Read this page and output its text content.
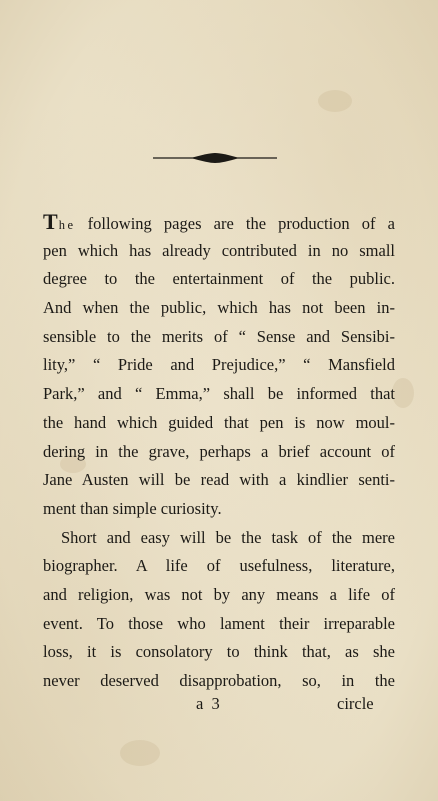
The following pages are the production of a
pen which has already contributed in no small
degree to the entertainment of the public.
And when the public, which has not been in-
sensible to the merits of “ Sense and Sensibi-
lity,” “ Pride and Prejudice,” “ Mansfield
Park,” and “ Emma,” shall be informed that
the hand which guided that pen is now moul-
dering in the grave, perhaps a brief account of
Jane Austen will be read with a kindlier senti-
ment than simple curiosity.
Short and easy will be the task of the mere
biographer. A life of usefulness, literature,
and religion, was not by any means a life of
event. To those who lament their irreparable
loss, it is consolatory to think that, as she
never deserved disapprobation, so, in the
a 3	circle
